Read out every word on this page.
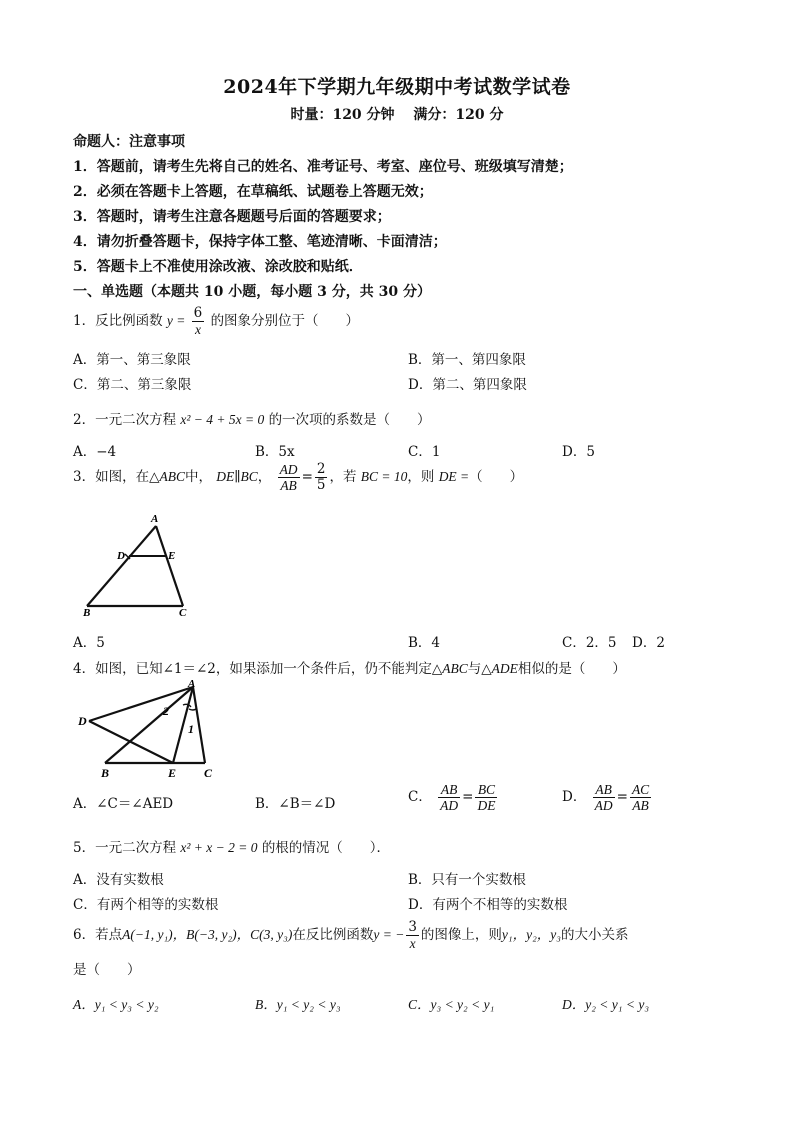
2024年下学期九年级期中考试数学试卷
时量：120 分钟　 满分：120 分
命题人：注意事项
1．答题前，请考生先将自己的姓名、准考证号、考室、座位号、班级填写清楚；
2．必须在答题卡上答题，在草稿纸、试题卷上答题无效；
3．答题时，请考生注意各题题号后面的答题要求；
4．请勿折叠答题卡，保持字体工整、笔迹清晰、卡面清洁；
5．答题卡上不准使用涂改液、涂改胶和贴纸．
一、单选题（本题共 10 小题，每小题 3 分，共 30 分）
1．反比例函数 $y = \frac{6}{x}$ 的图象分别位于（　　）
A．第一、第三象限	B．第一、第四象限
C．第二、第三象限	D．第二、第四象限
2．一元二次方程 x² − 4 + 5x = 0 的一次项的系数是（　　）
A．−4	B．5x	C．1	D．5
3．如图，在△ABC中， DE∥BC， $\frac{AD}{AB} = \frac{2}{5}$ ，若 BC = 10，则 DE =（　　）
A
D	E
B	C
A．5	B．4	C．2．5 D．2
4．如图，已知∠1＝∠2，如果添加一个条件后，仍不能判定△ABC与△ADE相似的是（　　）
A
D
2
1
B	E C
A．∠C＝∠AED	B．∠B＝∠D	C． $\frac{AB}{AD} = \frac{BC}{DE}$	D． $\frac{AB}{AD} = \frac{AC}{AB}$
5．一元二次方程 x² + x − 2 = 0 的根的情况（　　）．
A．没有实数根	B．只有一个实数根
C．有两个相等的实数根	D．有两个不相等的实数根
6．若点A(−1, y₁)，B(−3, y₂)，C(3, y₃)在反比例函数y = − $\frac{3}{x}$ 的图像上，则y₁，y₂，y₃的大小关系
是（　　）
A．y₁ < y₃ < y₂	B．y₁ < y₂ < y₃	C．y₃ < y₂ < y₁	D．y₂ < y₁ < y₃
